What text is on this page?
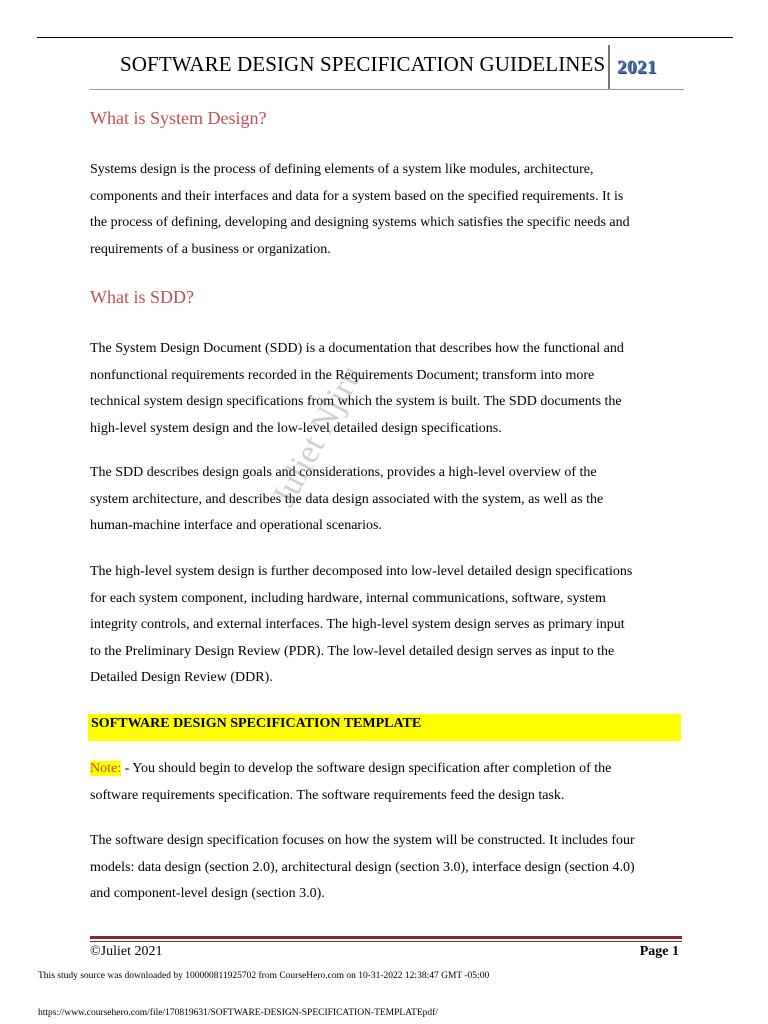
SOFTWARE DESIGN SPECIFICATION GUIDELINES 2021
What is System Design?
Systems design is the process of defining elements of a system like modules, architecture,
components and their interfaces and data for a system based on the specified requirements. It is
the process of defining, developing and designing systems which satisfies the specific needs and
requirements of a business or organization.
What is SDD?
The System Design Document (SDD) is a documentation that describes how the functional and
nonfunctional requirements recorded in the Requirements Document; transform into more
technical system design specifications from which the system is built. The SDD documents the
high-level system design and the low-level detailed design specifications.
The SDD describes design goals and considerations, provides a high-level overview of the
system architecture, and describes the data design associated with the system, as well as the
human-machine interface and operational scenarios.
The high-level system design is further decomposed into low-level detailed design specifications
for each system component, including hardware, internal communications, software, system
integrity controls, and external interfaces. The high-level system design serves as primary input
to the Preliminary Design Review (PDR). The low-level detailed design serves as input to the
Detailed Design Review (DDR).
SOFTWARE DESIGN SPECIFICATION TEMPLATE
Note: - You should begin to develop the software design specification after completion of the
software requirements specification. The software requirements feed the design task.
The software design specification focuses on how the system will be constructed. It includes four
models: data design (section 2.0), architectural design (section 3.0), interface design (section 4.0)
and component-level design (section 3.0).
Juliet Njiru
©Juliet 2021	Page 1
This study source was downloaded by 100000811925702 from CourseHero.com on 10-31-2022 12:38:47 GMT -05:00
https://www.coursehero.com/file/170819631/SOFTWARE-DESIGN-SPECIFICATION-TEMPLATEpdf/
